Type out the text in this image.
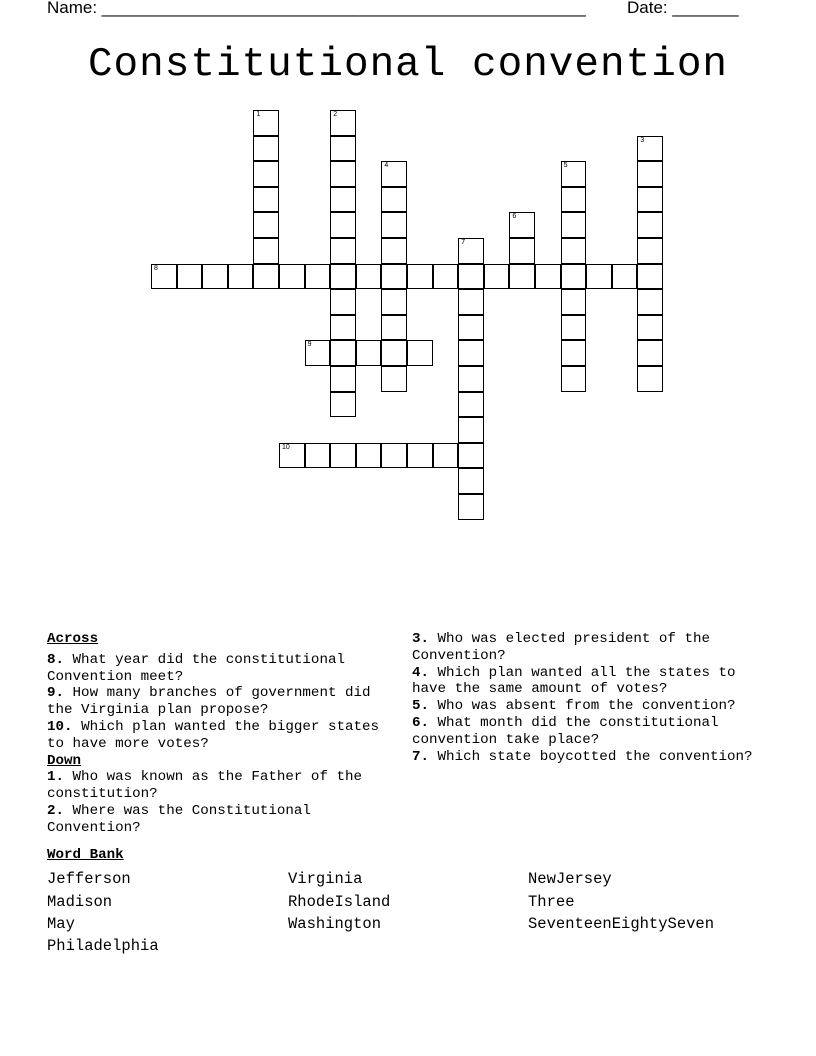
Name: ______________________________________________________ Date: _______
Constitutional convention
1	2
3
4	5
6
7
8
9
10
Across
8. What year did the constitutional Convention meet?
9. How many branches of government did the Virginia plan propose?
10. Which plan wanted the bigger states to have more votes?
Down
1. Who was known as the Father of the constitution?
2. Where was the Constitutional Convention?
3. Who was elected president of the Convention?
4. Which plan wanted all the states to have the same amount of votes?
5. Who was absent from the convention?
6. What month did the constitutional convention take place?
7. Which state boycotted the convention?
Word Bank
Jefferson	Virginia	NewJersey
Madison	RhodeIsland	Three
May	Washington	SeventeenEightySeven
Philadelphia
